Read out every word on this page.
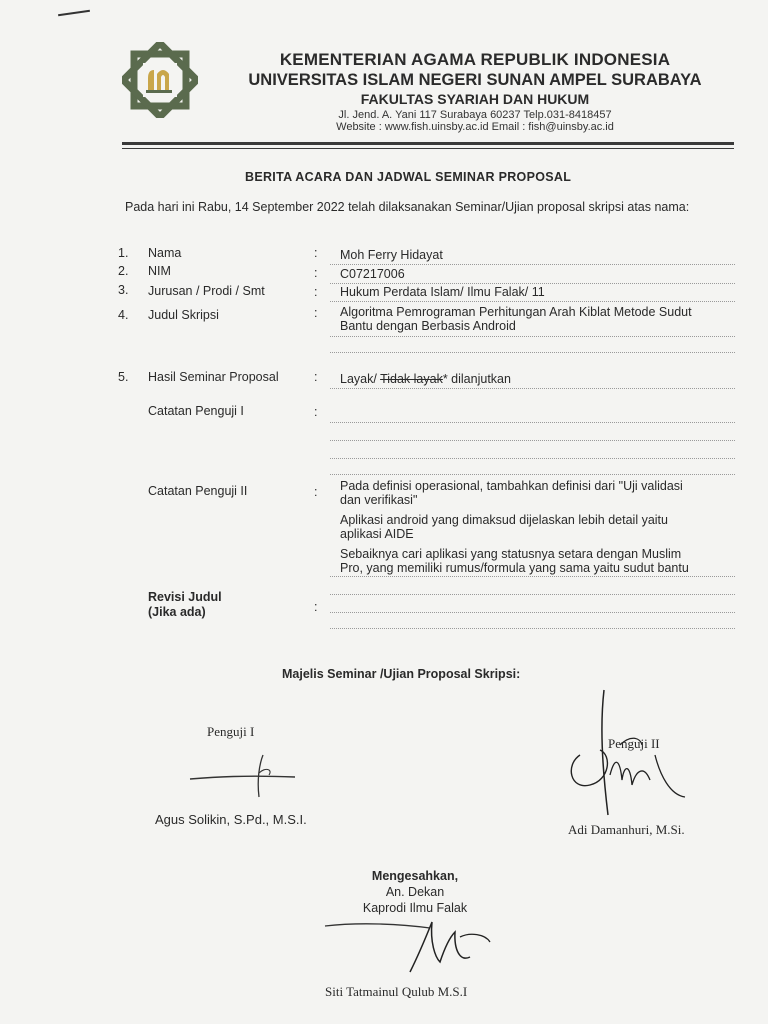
KEMENTERIAN AGAMA REPUBLIK INDONESIA
UNIVERSITAS ISLAM NEGERI SUNAN AMPEL SURABAYA
FAKULTAS SYARIAH DAN HUKUM
Jl. Jend. A. Yani 117 Surabaya 60237 Telp.031-8418457
Website : www.fish.uinsby.ac.id Email : fish@uinsby.ac.id
BERITA ACARA DAN JADWAL SEMINAR PROPOSAL
Pada hari ini Rabu, 14 September 2022 telah dilaksanakan Seminar/Ujian proposal skripsi atas nama:
1. Nama	: Moh Ferry Hidayat
2. NIM	: C07217006
3. Jurusan / Prodi / Smt	: Hukum Perdata Islam/ Ilmu Falak/ 11
4. Judul Skripsi	: Algoritma Pemrograman Perhitungan Arah Kiblat Metode Sudut
Bantu dengan Berbasis Android
5. Hasil Seminar Proposal	: Layak/ Tidak layak* dilanjutkan
Catatan Penguji I	:
Catatan Penguji II	: Pada definisi operasional, tambahkan definisi dari "Uji validasi
dan verifikasi"
Aplikasi android yang dimaksud dijelaskan lebih detail yaitu
aplikasi AIDE
Sebaiknya cari aplikasi yang statusnya setara dengan Muslim
Pro, yang memiliki rumus/formula yang sama yaitu sudut bantu
Revisi Judul
(Jika ada)	:
Majelis Seminar /Ujian Proposal Skripsi:
Penguji I
Agus Solikin, S.Pd., M.S.I.
Penguji II
Adi Damanhuri, M.Si.
Mengesahkan,
An. Dekan
Kaprodi Ilmu Falak
Siti Tatmainul Qulub M.S.I
